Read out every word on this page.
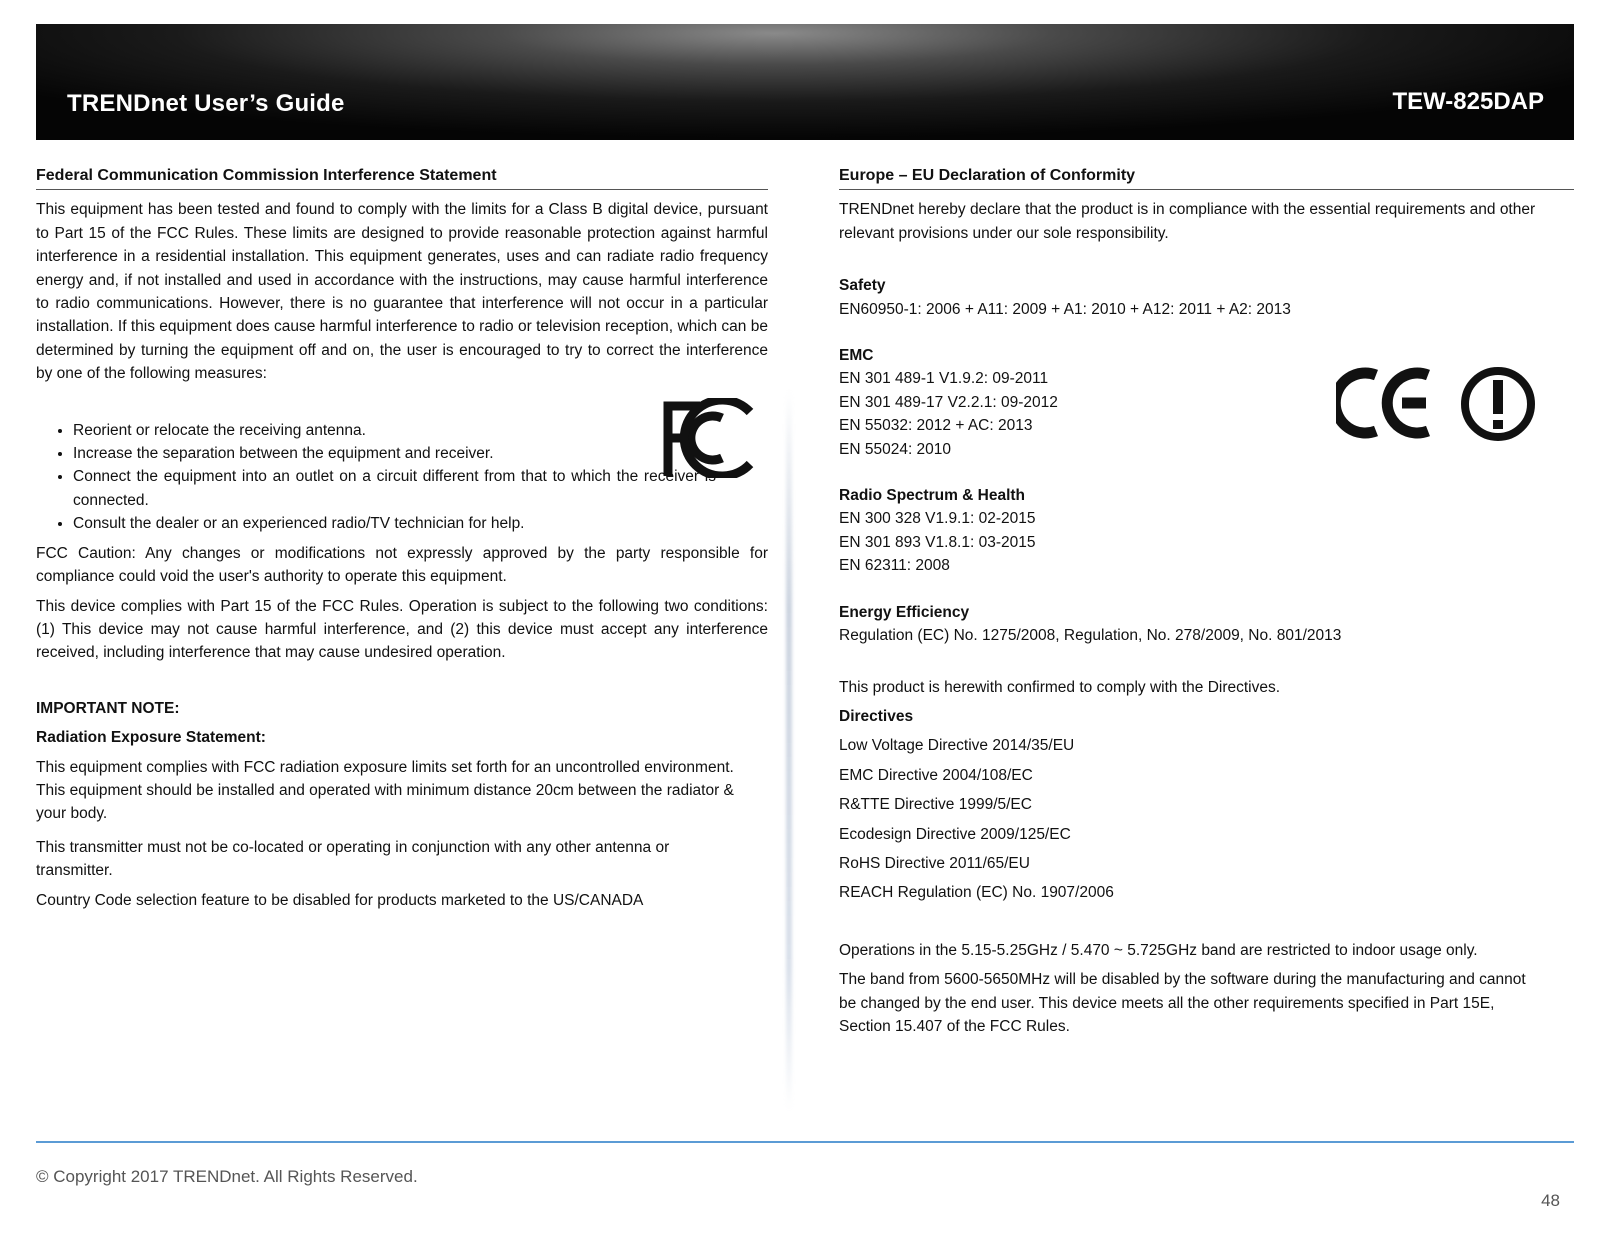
TRENDnet User’s Guide	TEW-825DAP
Federal Communication Commission Interference Statement

This equipment has been tested and found to comply with the limits for a Class B digital device, pursuant to Part 15 of the FCC Rules. These limits are designed to provide reasonable protection against harmful interference in a residential installation. This equipment generates, uses and can radiate radio frequency energy and, if not installed and used in accordance with the instructions, may cause harmful interference to radio communications. However, there is no guarantee that interference will not occur in a particular installation. If this equipment does cause harmful interference to radio or television reception, which can be determined by turning the equipment off and on, the user is encouraged to try to correct the interference by one of the following measures:

• Reorient or relocate the receiving antenna.
• Increase the separation between the equipment and receiver.
• Connect the equipment into an outlet on a circuit different from that to which the receiver is connected.
• Consult the dealer or an experienced radio/TV technician for help.

FCC Caution: Any changes or modifications not expressly approved by the party responsible for compliance could void the user's authority to operate this equipment.

This device complies with Part 15 of the FCC Rules. Operation is subject to the following two conditions: (1) This device may not cause harmful interference, and (2) this device must accept any interference received, including interference that may cause undesired operation.

IMPORTANT NOTE:

Radiation Exposure Statement:

This equipment complies with FCC radiation exposure limits set forth for an uncontrolled environment. This equipment should be installed and operated with minimum distance 20cm between the radiator & your body.

This transmitter must not be co-located or operating in conjunction with any other antenna or transmitter.

Country Code selection feature to be disabled for products marketed to the US/CANADA

Europe – EU Declaration of Conformity

TRENDnet hereby declare that the product is in compliance with the essential requirements and other relevant provisions under our sole responsibility.

Safety
EN60950-1: 2006 + A11: 2009 + A1: 2010 + A12: 2011 + A2: 2013
EMC
EN 301 489-1 V1.9.2: 09-2011
EN 301 489-17 V2.2.1: 09-2012
EN 55032: 2012 + AC: 2013
EN 55024: 2010
Radio Spectrum & Health
EN 300 328 V1.9.1: 02-2015
EN 301 893 V1.8.1: 03-2015
EN 62311: 2008
Energy Efficiency
Regulation (EC) No. 1275/2008, Regulation, No. 278/2009, No. 801/2013

This product is herewith confirmed to comply with the Directives.

Directives

Low Voltage Directive 2014/35/EU

EMC Directive 2004/108/EC

R&TTE Directive 1999/5/EC

Ecodesign Directive 2009/125/EC

RoHS Directive 2011/65/EU

REACH Regulation (EC) No. 1907/2006

Operations in the 5.15-5.25GHz / 5.470 ~ 5.725GHz band are restricted to indoor usage only.

The band from 5600-5650MHz will be disabled by the software during the manufacturing and cannot be changed by the end user. This device meets all the other requirements specified in Part 15E, Section 15.407 of the FCC Rules.

© Copyright 2017 TRENDnet. All Rights Reserved.
48
